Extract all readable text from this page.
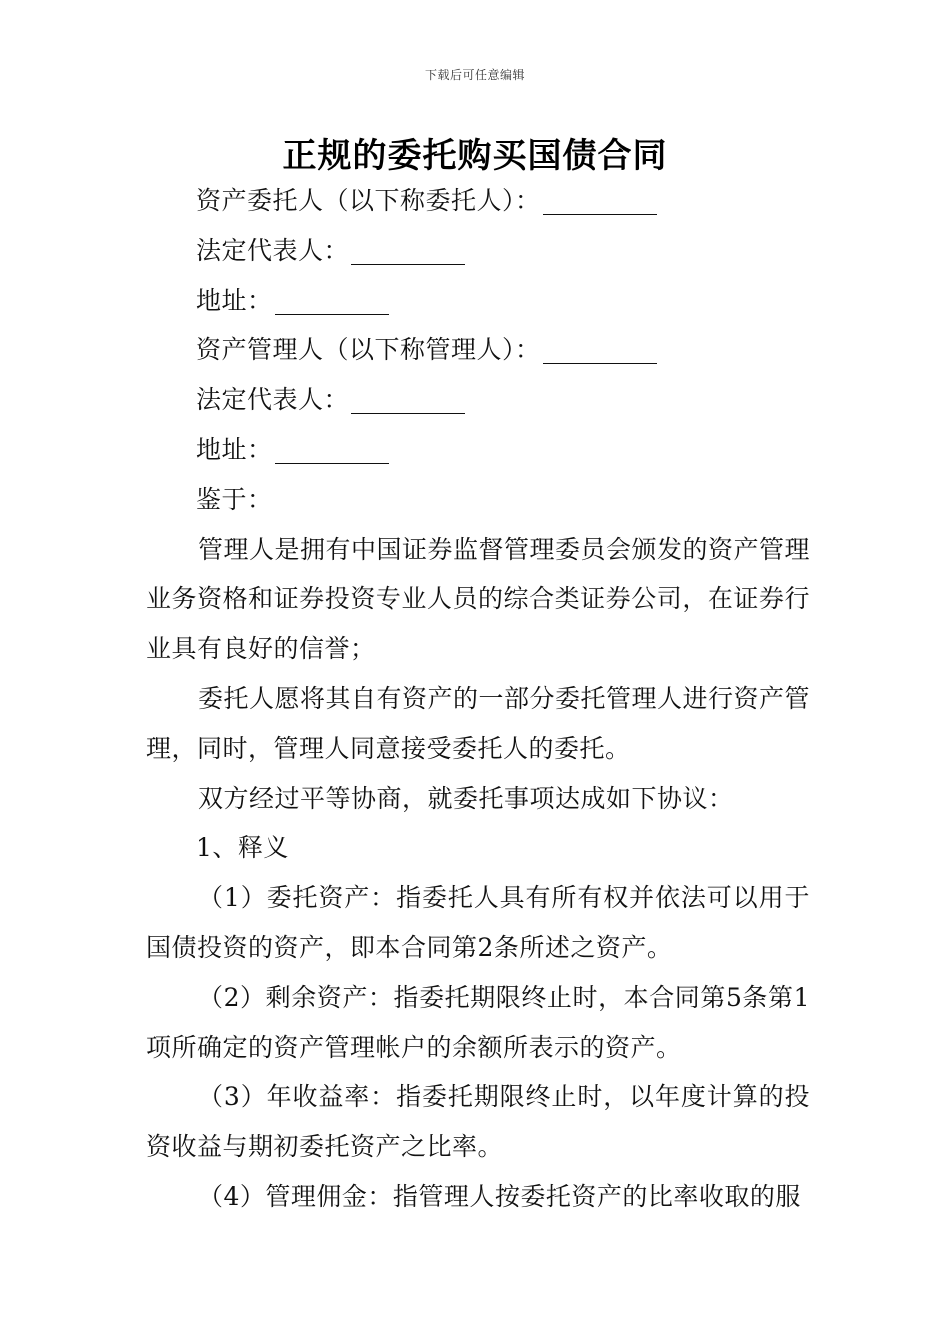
下载后可任意编辑
正规的委托购买国债合同

资产委托人（以下称委托人）：

法定代表人：

地址：

资产管理人（以下称管理人）：

法定代表人：

地址：

鉴于：

管理人是拥有中国证券监督管理委员会颁发的资产管理业务资格和证券投资专业人员的综合类证券公司，在证券行业具有良好的信誉；

委托人愿将其自有资产的一部分委托管理人进行资产管理，同时，管理人同意接受委托人的委托。

双方经过平等协商，就委托事项达成如下协议：

1、释义

（1）委托资产：指委托人具有所有权并依法可以用于国债投资的资产，即本合同第2条所述之资产。

（2）剩余资产：指委托期限终止时，本合同第5条第1项所确定的资产管理帐户的余额所表示的资产。

（3）年收益率：指委托期限终止时，以年度计算的投资收益与期初委托资产之比率。

（4）管理佣金：指管理人按委托资产的比率收取的服
